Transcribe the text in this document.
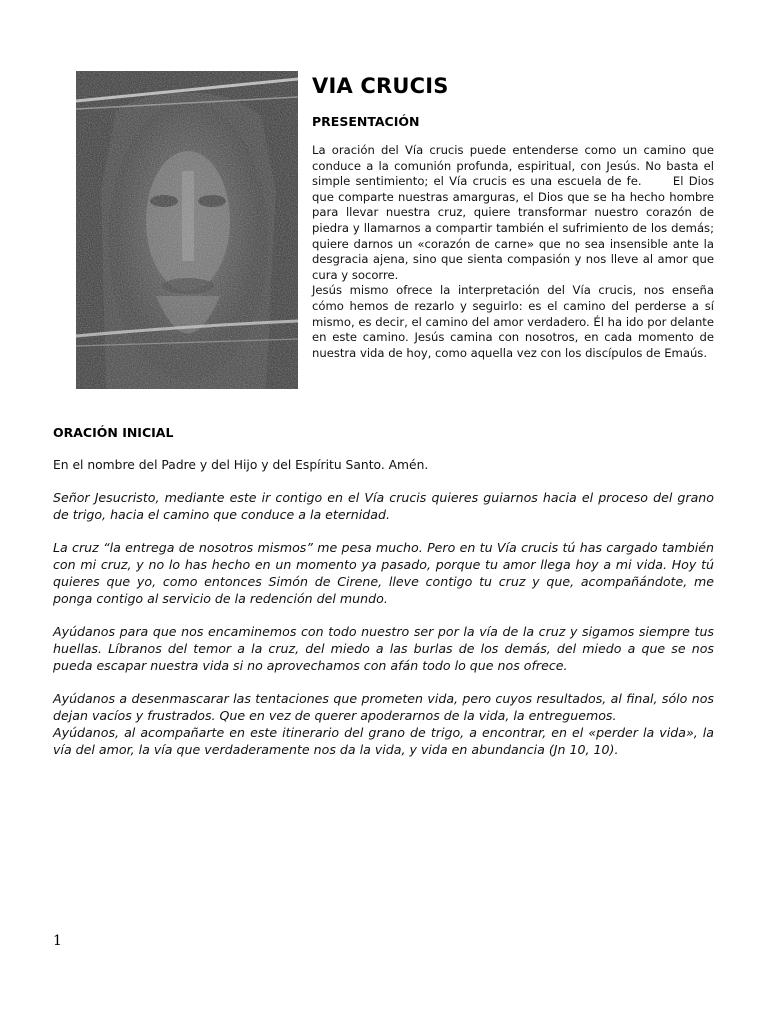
VIA CRUCIS
PRESENTACIÓN

La oración del Vía crucis puede entenderse como un camino que conduce a la comunión profunda, espiritual, con Jesús. No basta el simple sentimiento; el Vía crucis es una escuela de fe.      El Dios que comparte nuestras amarguras, el Dios que se ha hecho hombre para llevar nuestra cruz, quiere transformar nuestro corazón de piedra y llamarnos a compartir también el sufrimiento de los demás; quiere darnos un «corazón de carne» que no sea insensible ante la desgracia ajena, sino que sienta compasión y nos lleve al amor que cura y socorre.

Jesús mismo ofrece la interpretación del Vía crucis, nos enseña cómo hemos de rezarlo y seguirlo: es el camino del perderse a sí mismo, es decir, el camino del amor verdadero. Él ha ido por delante en este camino. Jesús camina con nosotros, en cada momento de nuestra vida de hoy, como aquella vez con los discípulos de Emaús.

ORACIÓN INICIAL

En el nombre del Padre y del Hijo y del Espíritu Santo. Amén.

Señor Jesucristo, mediante este ir contigo en el Vía crucis quieres guiarnos hacia el proceso del grano de trigo, hacia el camino que conduce a la eternidad.

La cruz “la entrega de nosotros mismos” me pesa mucho. Pero en tu Vía crucis tú has cargado también con mi cruz, y no lo has hecho en un momento ya pasado, porque tu amor llega hoy a mi vida. Hoy tú quieres que yo, como entonces Simón de Cirene, lleve contigo tu cruz y que, acompañándote, me ponga contigo al servicio de la redención del mundo.

Ayúdanos para que nos encaminemos con todo nuestro ser por la vía de la cruz y sigamos siempre tus huellas. Líbranos del temor a la cruz, del miedo a las burlas de los demás, del miedo a que se nos pueda escapar nuestra vida si no aprovechamos con afán todo lo que nos ofrece.

Ayúdanos a desenmascarar las tentaciones que prometen vida, pero cuyos resultados, al final, sólo nos dejan vacíos y frustrados. Que en vez de querer apoderarnos de la vida, la entreguemos.

Ayúdanos, al acompañarte en este itinerario del grano de trigo, a encontrar, en el «perder la vida», la vía del amor, la vía que verdaderamente nos da la vida, y vida en abundancia (Jn 10, 10).

1
